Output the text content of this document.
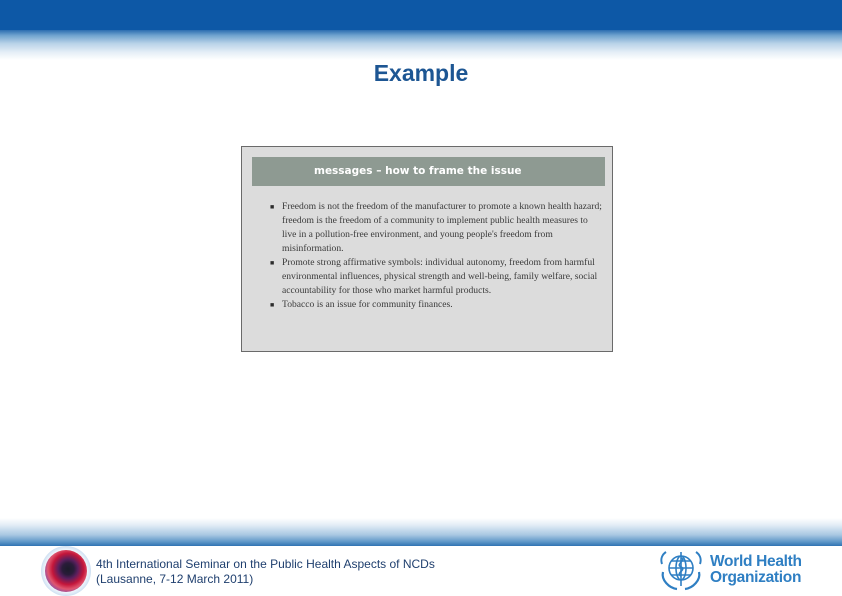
Example
messages – how to frame the issue
■ Freedom is not the freedom of the manufacturer to promote a known health hazard; freedom is the freedom of a community to implement public health measures to live in a pollution-free environment, and young people's freedom from misinformation.
■ Promote strong affirmative symbols: individual autonomy, freedom from harmful environmental influences, physical strength and well-being, family welfare, social accountability for those who market harmful products.
■ Tobacco is an issue for community finances.
4th International Seminar on the Public Health Aspects of NCDs
(Lausanne, 7-12 March 2011)
World Health
Organization
